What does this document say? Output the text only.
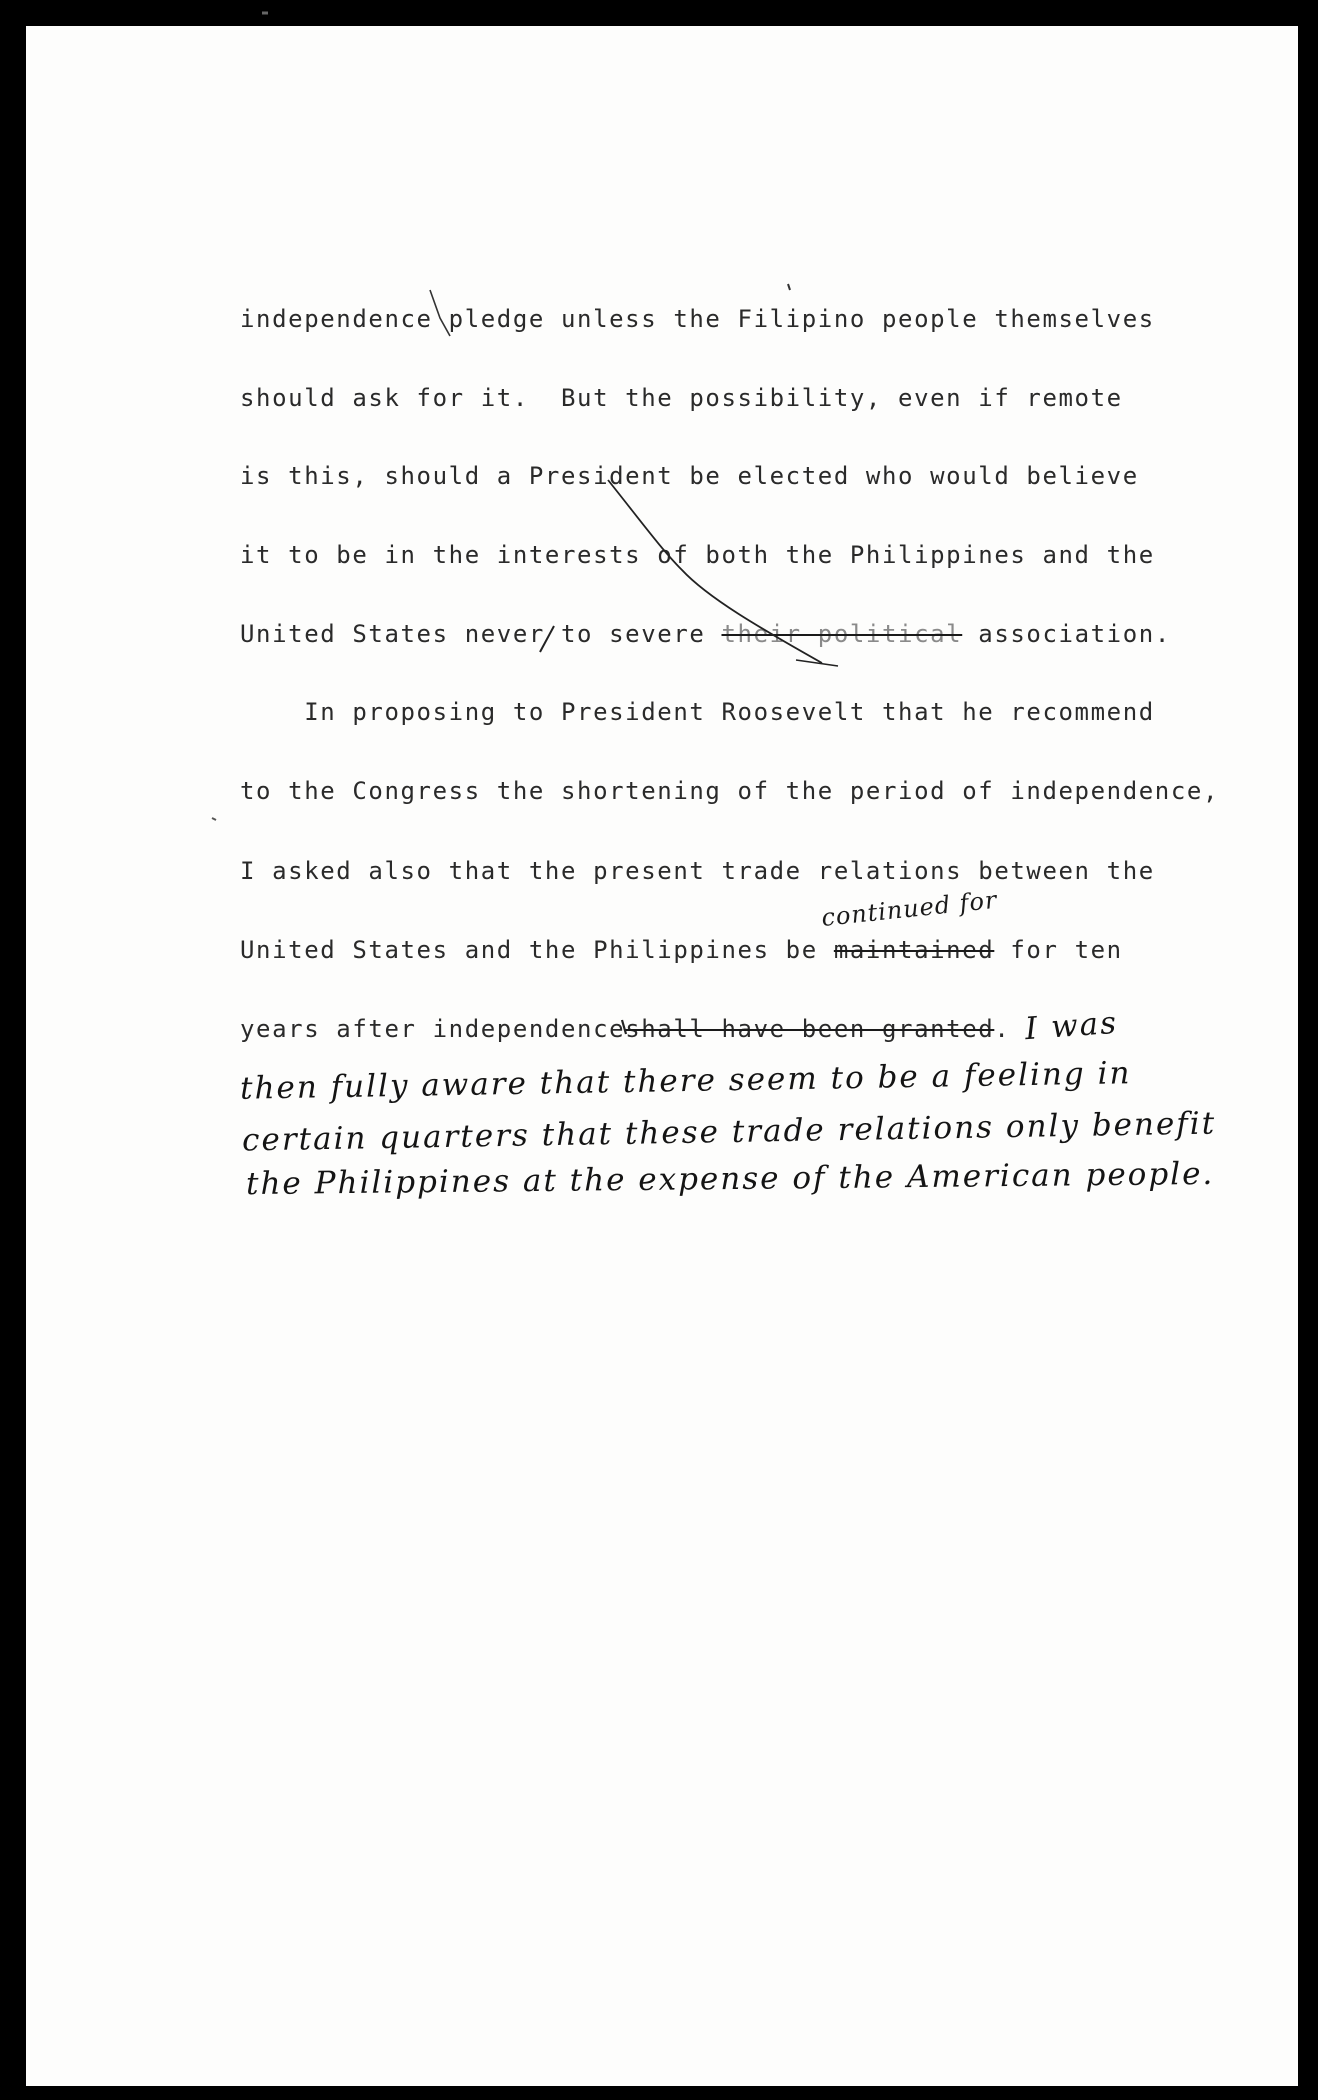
independence pledge unless the Filipino people themselves
should ask for it.  But the possibility, even if remote
is this, should a President be elected who would believe
it to be in the interests of both the Philippines and the
United States never to severe their political association.
In proposing to President Roosevelt that he recommend
to the Congress the shortening of the period of independence,
I asked also that the present trade relations between the
continued for
United States and the Philippines be maintained for ten
years after independenceshall have been granted. I was
then fully aware that there seem to be a feeling in
certain quarters that these trade relations only benefit
the Philippines at the expense of the American people.
